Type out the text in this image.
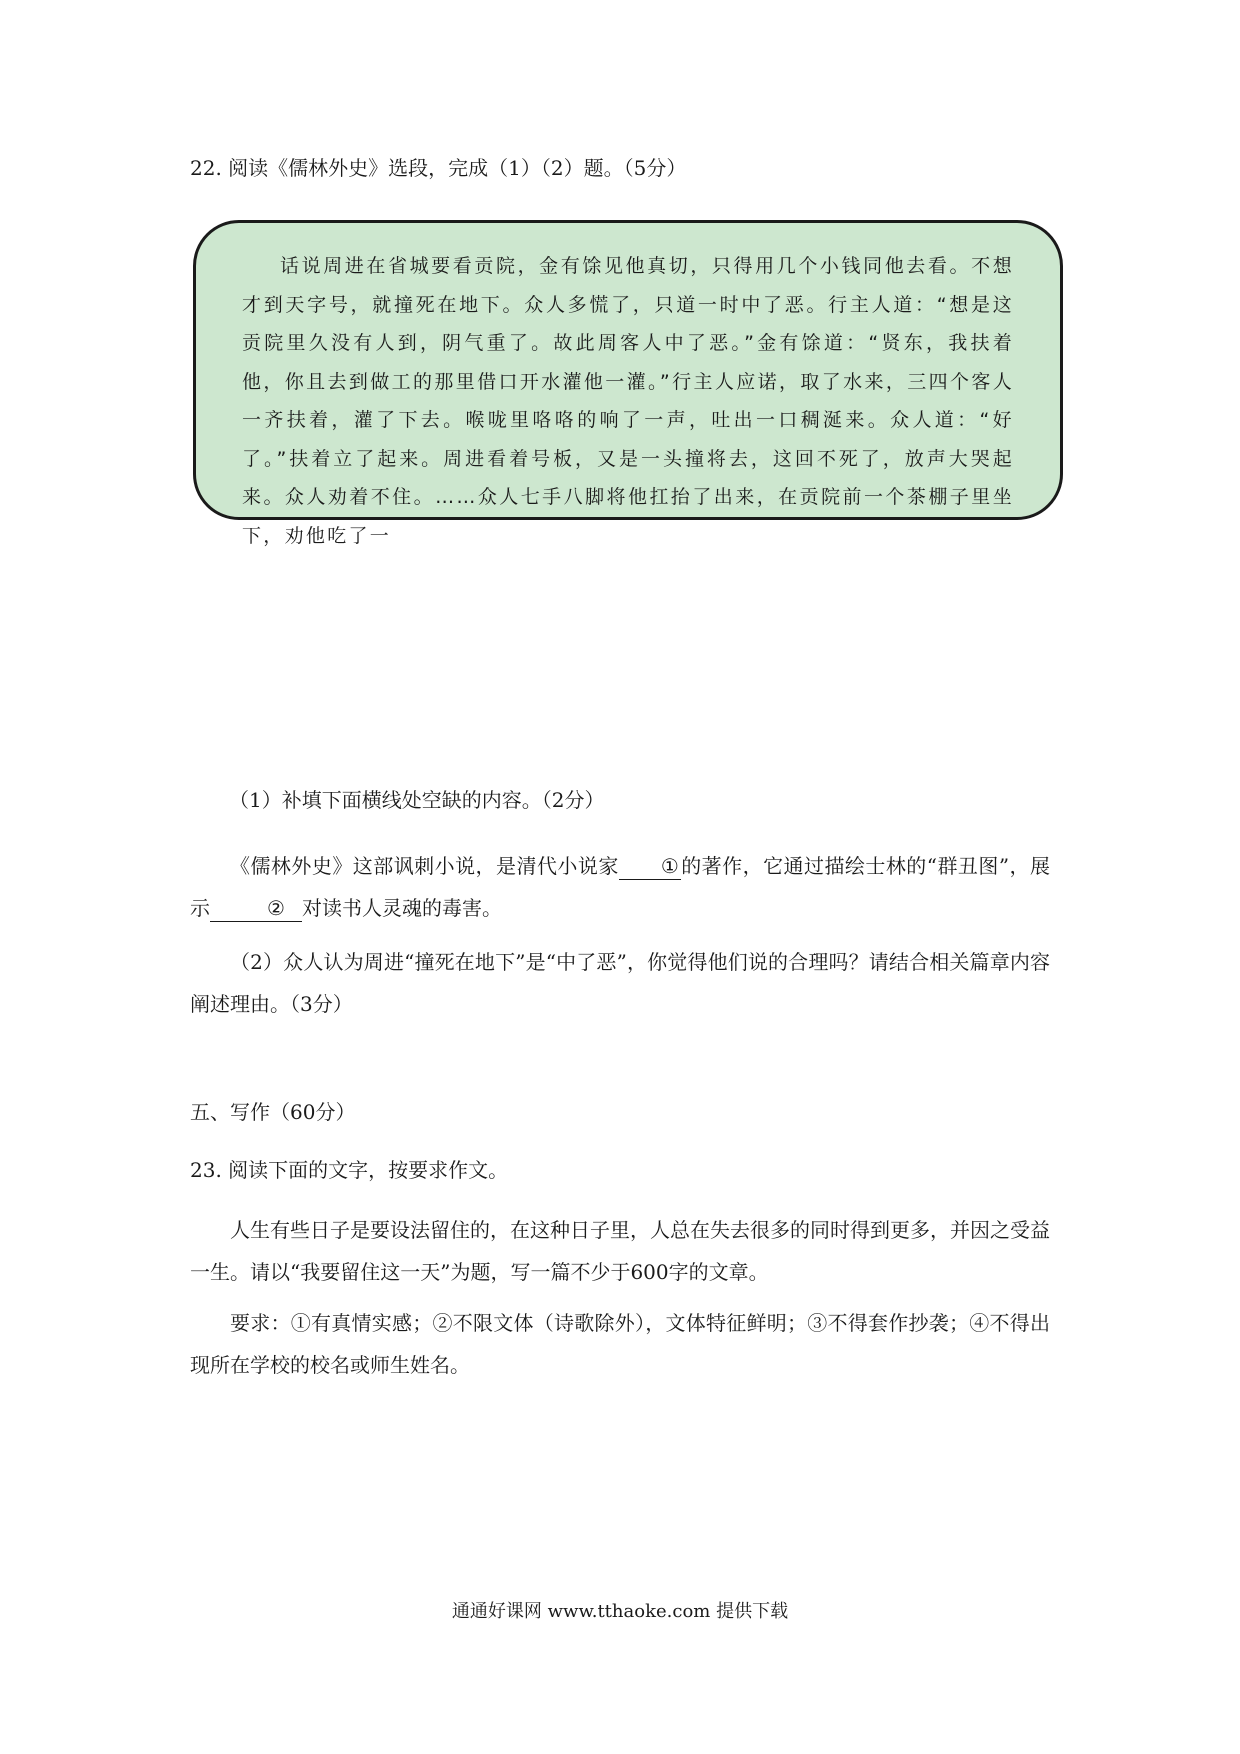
22. 阅读《儒林外史》选段，完成（1）（2）题。（5分）

话说周进在省城要看贡院，金有馀见他真切，只得用几个小钱同他去看。不想才到天字号，就撞死在地下。众人多慌了，只道一时中了恶。行主人道：“想是这贡院里久没有人到，阴气重了。故此周客人中了恶。”金有馀道：“贤东，我扶着他，你且去到做工的那里借口开水灌他一灌。”行主人应诺，取了水来，三四个客人一齐扶着，灌了下去。喉咙里咯咯的响了一声，吐出一口稠涎来。众人道：“好了。”扶着立了起来。周进看着号板，又是一头撞将去，这回不死了，放声大哭起来。众人劝着不住。……众人七手八脚将他扛抬了出来，在贡院前一个茶棚子里坐下，劝他吃了一

（1）补填下面横线处空缺的内容。（2分）

《儒林外史》这部讽刺小说，是清代小说家 ① 的著作，它通过描绘士林的“群丑图”，展示	② 对读书人灵魂的毒害。

（2）众人认为周进“撞死在地下”是“中了恶”，你觉得他们说的合理吗？请结合相关篇章内容阐述理由。（3分）

五、写作（60分）

23. 阅读下面的文字，按要求作文。

人生有些日子是要设法留住的，在这种日子里，人总在失去很多的同时得到更多，并因之受益一生。请以“我要留住这一天”为题，写一篇不少于600字的文章。

要求：①有真情实感；②不限文体（诗歌除外），文体特征鲜明；③不得套作抄袭；④不得出现所在学校的校名或师生姓名。

通通好课网 www.tthaoke.com 提供下载
